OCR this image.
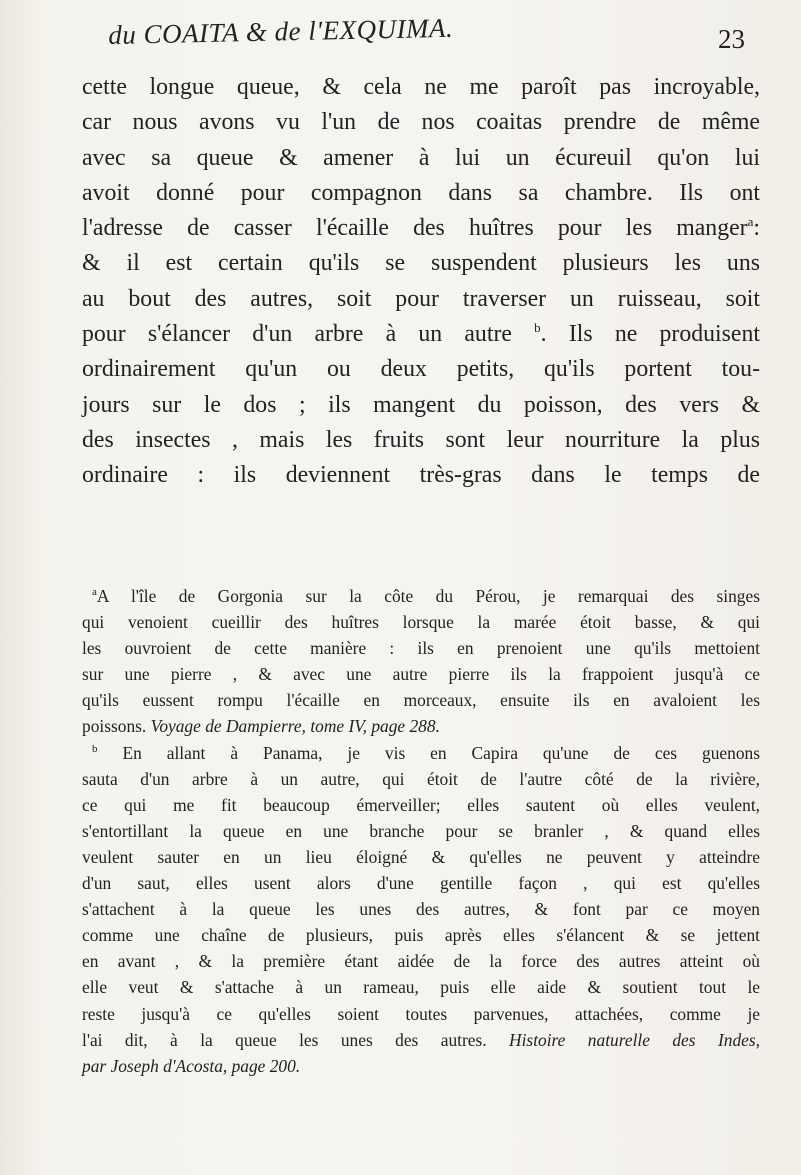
du COAITA & de l'EXQUIMA.	23
cette longue queue, & cela ne me paroît pas incroyable,
car nous avons vu l'un de nos coaitas prendre de même
avec sa queue & amener à lui un écureuil qu'on lui
avoit donné pour compagnon dans sa chambre. Ils ont
l'adresse de casser l'écaille des huîtres pour les manger$^a$:
& il est certain qu'ils se suspendent plusieurs les uns
au bout des autres, soit pour traverser un ruisseau, soit
pour s'élancer d'un arbre à un autre $^b$. Ils ne produisent
ordinairement qu'un ou deux petits, qu'ils portent tou-
jours sur le dos ; ils mangent du poisson, des vers &
des insectes , mais les fruits sont leur nourriture la plus
ordinaire : ils deviennent très-gras dans le temps de
$^a$A l'île de Gorgonia sur la côte du Pérou, je remarquai des singes
qui venoient cueillir des huîtres lorsque la marée étoit basse, & qui
les ouvroient de cette manière : ils en prenoient une qu'ils mettoient
sur une pierre , & avec une autre pierre ils la frappoient jusqu'à ce
qu'ils eussent rompu l'écaille en morceaux, ensuite ils en avaloient les
poissons. Voyage de Dampierre, tome IV, page 288.
$^b$ En allant à Panama, je vis en Capira qu'une de ces guenons
sauta d'un arbre à un autre, qui étoit de l'autre côté de la rivière,
ce qui me fit beaucoup émerveiller; elles sautent où elles veulent,
s'entortillant la queue en une branche pour se branler , & quand elles
veulent sauter en un lieu éloigné & qu'elles ne peuvent y atteindre
d'un saut, elles usent alors d'une gentille façon , qui est qu'elles
s'attachent à la queue les unes des autres, & font par ce moyen
comme une chaîne de plusieurs, puis après elles s'élancent & se jettent
en avant , & la première étant aidée de la force des autres atteint où
elle veut & s'attache à un rameau, puis elle aide & soutient tout le
reste jusqu'à ce qu'elles soient toutes parvenues, attachées, comme je
l'ai dit, à la queue les unes des autres. Histoire naturelle des Indes,
par Joseph d'Acosta, page 200.
